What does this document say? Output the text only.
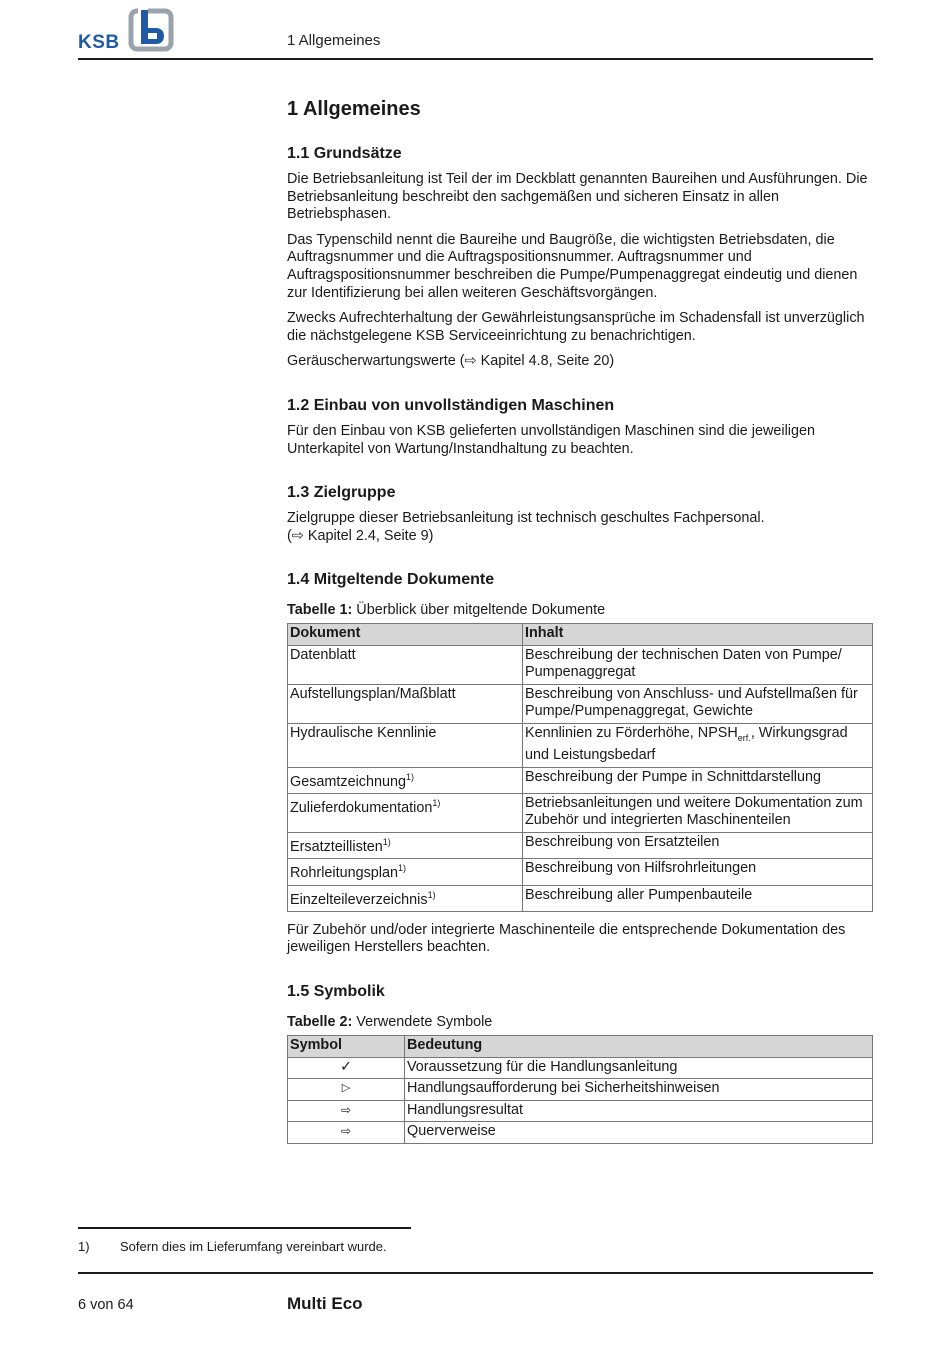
KSB	1 Allgemeines
1 Allgemeines
1.1 Grundsätze

Die Betriebsanleitung ist Teil der im Deckblatt genannten Baureihen und Ausführungen. Die Betriebsanleitung beschreibt den sachgemäßen und sicheren Einsatz in allen Betriebsphasen.

Das Typenschild nennt die Baureihe und Baugröße, die wichtigsten Betriebsdaten, die Auftragsnummer und die Auftragspositionsnummer. Auftragsnummer und Auftragspositionsnummer beschreiben die Pumpe/Pumpenaggregat eindeutig und dienen zur Identifizierung bei allen weiteren Geschäftsvorgängen.

Zwecks Aufrechterhaltung der Gewährleistungsansprüche im Schadensfall ist unverzüglich die nächstgelegene KSB Serviceeinrichtung zu benachrichtigen.

Geräuscherwartungswerte (⇨ Kapitel 4.8, Seite 20)

1.2 Einbau von unvollständigen Maschinen

Für den Einbau von KSB gelieferten unvollständigen Maschinen sind die jeweiligen Unterkapitel von Wartung/Instandhaltung zu beachten.

1.3 Zielgruppe

Zielgruppe dieser Betriebsanleitung ist technisch geschultes Fachpersonal.

(⇨ Kapitel 2.4, Seite 9)

1.4 Mitgeltende Dokumente
Tabelle 1: Überblick über mitgeltende Dokumente
Dokument	Inhalt
Datenblatt	Beschreibung der technischen Daten von Pumpe/ Pumpenaggregat
Aufstellungsplan/Maßblatt	Beschreibung von Anschluss- und Aufstellmaßen für Pumpe/Pumpenaggregat, Gewichte
Hydraulische Kennlinie	Kennlinien zu Förderhöhe, $NPSH_{erf.}$, Wirkungsgrad und Leistungsbedarf
Gesamtzeichnung$^{1)}$	Beschreibung der Pumpe in Schnittdarstellung
Zulieferdokumentation$^{1)}$	Betriebsanleitungen und weitere Dokumentation zum Zubehör und integrierten Maschinenteilen
Ersatzteillisten$^{1)}$	Beschreibung von Ersatzteilen
Rohrleitungsplan$^{1)}$	Beschreibung von Hilfsrohrleitungen
Einzelteileverzeichnis$^{1)}$	Beschreibung aller Pumpenbauteile

Für Zubehör und/oder integrierte Maschinenteile die entsprechende Dokumentation des jeweiligen Herstellers beachten.

1.5 Symbolik
Tabelle 2: Verwendete Symbole
Symbol	Bedeutung
✓	Voraussetzung für die Handlungsanleitung
▷	Handlungsaufforderung bei Sicherheitshinweisen
⇨	Handlungsresultat
⇨	Querverweise
1) Sofern dies im Lieferumfang vereinbart wurde.
6 von 64	Multi Eco
